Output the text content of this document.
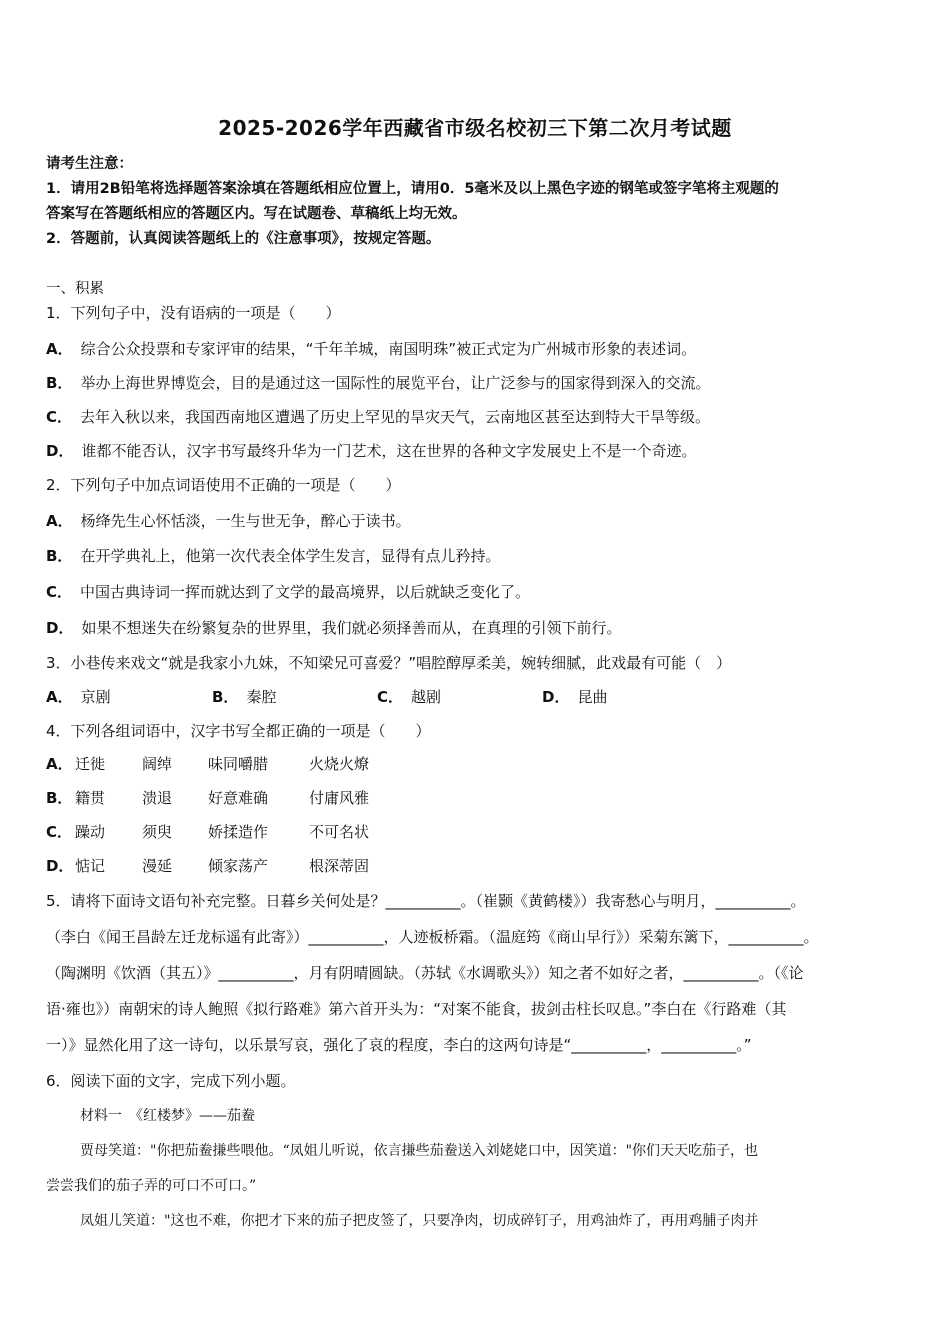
2025-2026学年西藏省市级名校初三下第二次月考试题
请考生注意：
1．请用2B铅笔将选择题答案涂填在答题纸相应位置上，请用0．5毫米及以上黑色字迹的钢笔或签字笔将主观题的
答案写在答题纸相应的答题区内。写在试题卷、草稿纸上均无效。
2．答题前，认真阅读答题纸上的《注意事项》，按规定答题。
一、积累
1．下列句子中，没有语病的一项是（　　）
A． 综合公众投票和专家评审的结果，“千年羊城，南国明珠”被正式定为广州城市形象的表述词。
B． 举办上海世界博览会，目的是通过这一国际性的展览平台，让广泛参与的国家得到深入的交流。
C． 去年入秋以来，我国西南地区遭遇了历史上罕见的旱灾天气，云南地区甚至达到特大干旱等级。
D． 谁都不能否认，汉字书写最终升华为一门艺术，这在世界的各种文字发展史上不是一个奇迹。
2．下列句子中加点词语使用不正确的一项是（　　）
A． 杨绛先生心怀恬淡，一生与世无争，醉心于读书。
B． 在开学典礼上，他第一次代表全体学生发言，显得有点儿矜持。
C． 中国古典诗词一挥而就达到了文学的最高境界，以后就缺乏变化了。
D． 如果不想迷失在纷繁复杂的世界里，我们就必须择善而从，在真理的引领下前行。
3．小巷传来戏文“就是我家小九妹，不知梁兄可喜爱？”唱腔醇厚柔美，婉转细腻，此戏最有可能（　）
A． 京剧	B． 秦腔	C． 越剧	D． 昆曲
4．下列各组词语中，汉字书写全都正确的一项是（　　）
A． 迁徙 阔绰 味同嚼腊	火烧火燎
B． 籍贯 溃退 好意难确	付庸风雅
C． 躁动 须臾 娇揉造作	不可名状
D． 惦记 漫延 倾家荡产	根深蒂固
5．请将下面诗文语句补充完整。日暮乡关何处是？__________。（崔颢《黄鹤楼》）我寄愁心与明月，__________。
（李白《闻王昌龄左迁龙标遥有此寄》）__________，人迹板桥霜。（温庭筠《商山早行》）采菊东篱下，__________。
（陶渊明《饮酒（其五）》__________，月有阴晴圆缺。（苏轼《水调歌头》）知之者不如好之者，__________。（《论
语·雍也》）南朝宋的诗人鲍照《拟行路难》第六首开头为：“对案不能食，拔剑击柱长叹息。”李白在《行路难（其
一）》显然化用了这一诗句，以乐景写哀，强化了哀的程度，李白的这两句诗是“__________，__________。”
6．阅读下面的文字，完成下列小题。
材料一　《红楼梦》——茄鲞
贾母笑道："你把茄鲞搛些喂他。“凤姐儿听说，依言搛些茄鲞送入刘姥姥口中，因笑道："你们天天吃茄子，也
尝尝我们的茄子弄的可口不可口。”
凤姐儿笑道："这也不难，你把才下来的茄子把皮签了，只要净肉，切成碎钉子，用鸡油炸了，再用鸡脯子肉并
